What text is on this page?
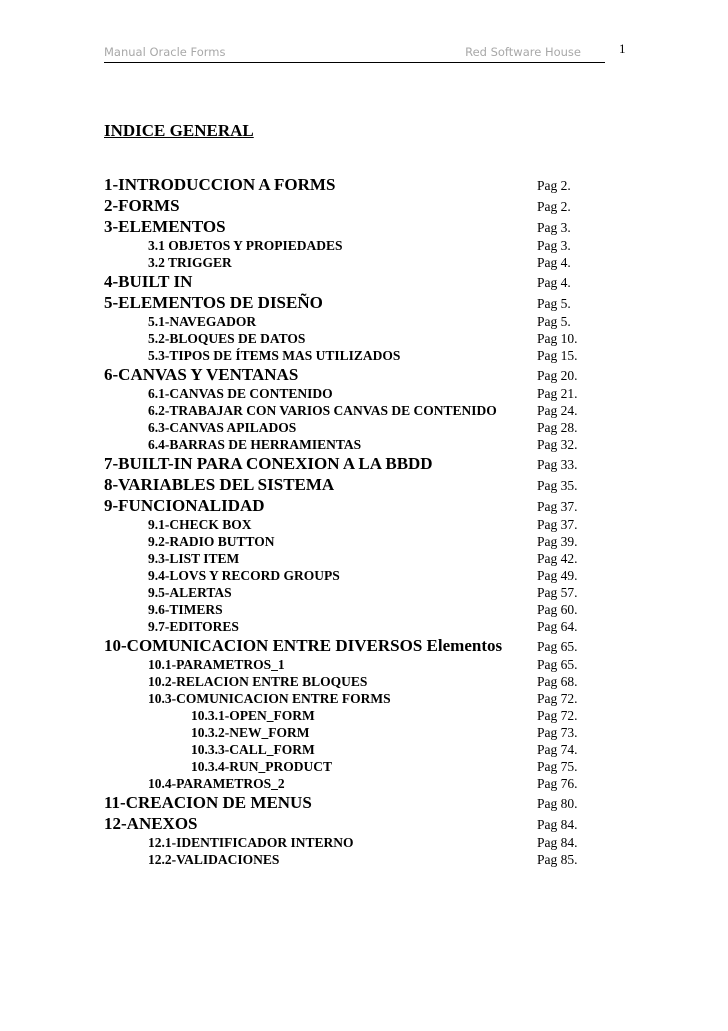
Manual Oracle Forms	Red Software House	1
INDICE GENERAL
1-INTRODUCCION A FORMS	Pag 2.
2-FORMS	Pag 2.
3-ELEMENTOS	Pag 3.
3.1 OBJETOS Y PROPIEDADES	Pag 3.
3.2 TRIGGER	Pag 4.
4-BUILT IN	Pag 4.
5-ELEMENTOS DE DISEÑO	Pag 5.
5.1-NAVEGADOR	Pag 5.
5.2-BLOQUES DE DATOS	Pag 10.
5.3-TIPOS DE ÍTEMS MAS UTILIZADOS	Pag 15.
6-CANVAS Y VENTANAS	Pag 20.
6.1-CANVAS DE CONTENIDO	Pag 21.
6.2-TRABAJAR CON VARIOS CANVAS DE CONTENIDO	Pag 24.
6.3-CANVAS APILADOS	Pag 28.
6.4-BARRAS DE HERRAMIENTAS	Pag 32.
7-BUILT-IN PARA CONEXION A LA BBDD	Pag 33.
8-VARIABLES DEL SISTEMA	Pag 35.
9-FUNCIONALIDAD	Pag 37.
9.1-CHECK BOX	Pag 37.
9.2-RADIO BUTTON	Pag 39.
9.3-LIST ITEM	Pag 42.
9.4-LOVS Y RECORD GROUPS	Pag 49.
9.5-ALERTAS	Pag 57.
9.6-TIMERS	Pag 60.
9.7-EDITORES	Pag 64.
10-COMUNICACION ENTRE DIVERSOS Elementos	Pag 65.
10.1-PARAMETROS_1	Pag 65.
10.2-RELACION ENTRE BLOQUES	Pag 68.
10.3-COMUNICACION ENTRE FORMS	Pag 72.
10.3.1-OPEN_FORM	Pag 72.
10.3.2-NEW_FORM	Pag 73.
10.3.3-CALL_FORM	Pag 74.
10.3.4-RUN_PRODUCT	Pag 75.
10.4-PARAMETROS_2	Pag 76.
11-CREACION DE MENUS	Pag 80.
12-ANEXOS	Pag 84.
12.1-IDENTIFICADOR INTERNO	Pag 84.
12.2-VALIDACIONES	Pag 85.
